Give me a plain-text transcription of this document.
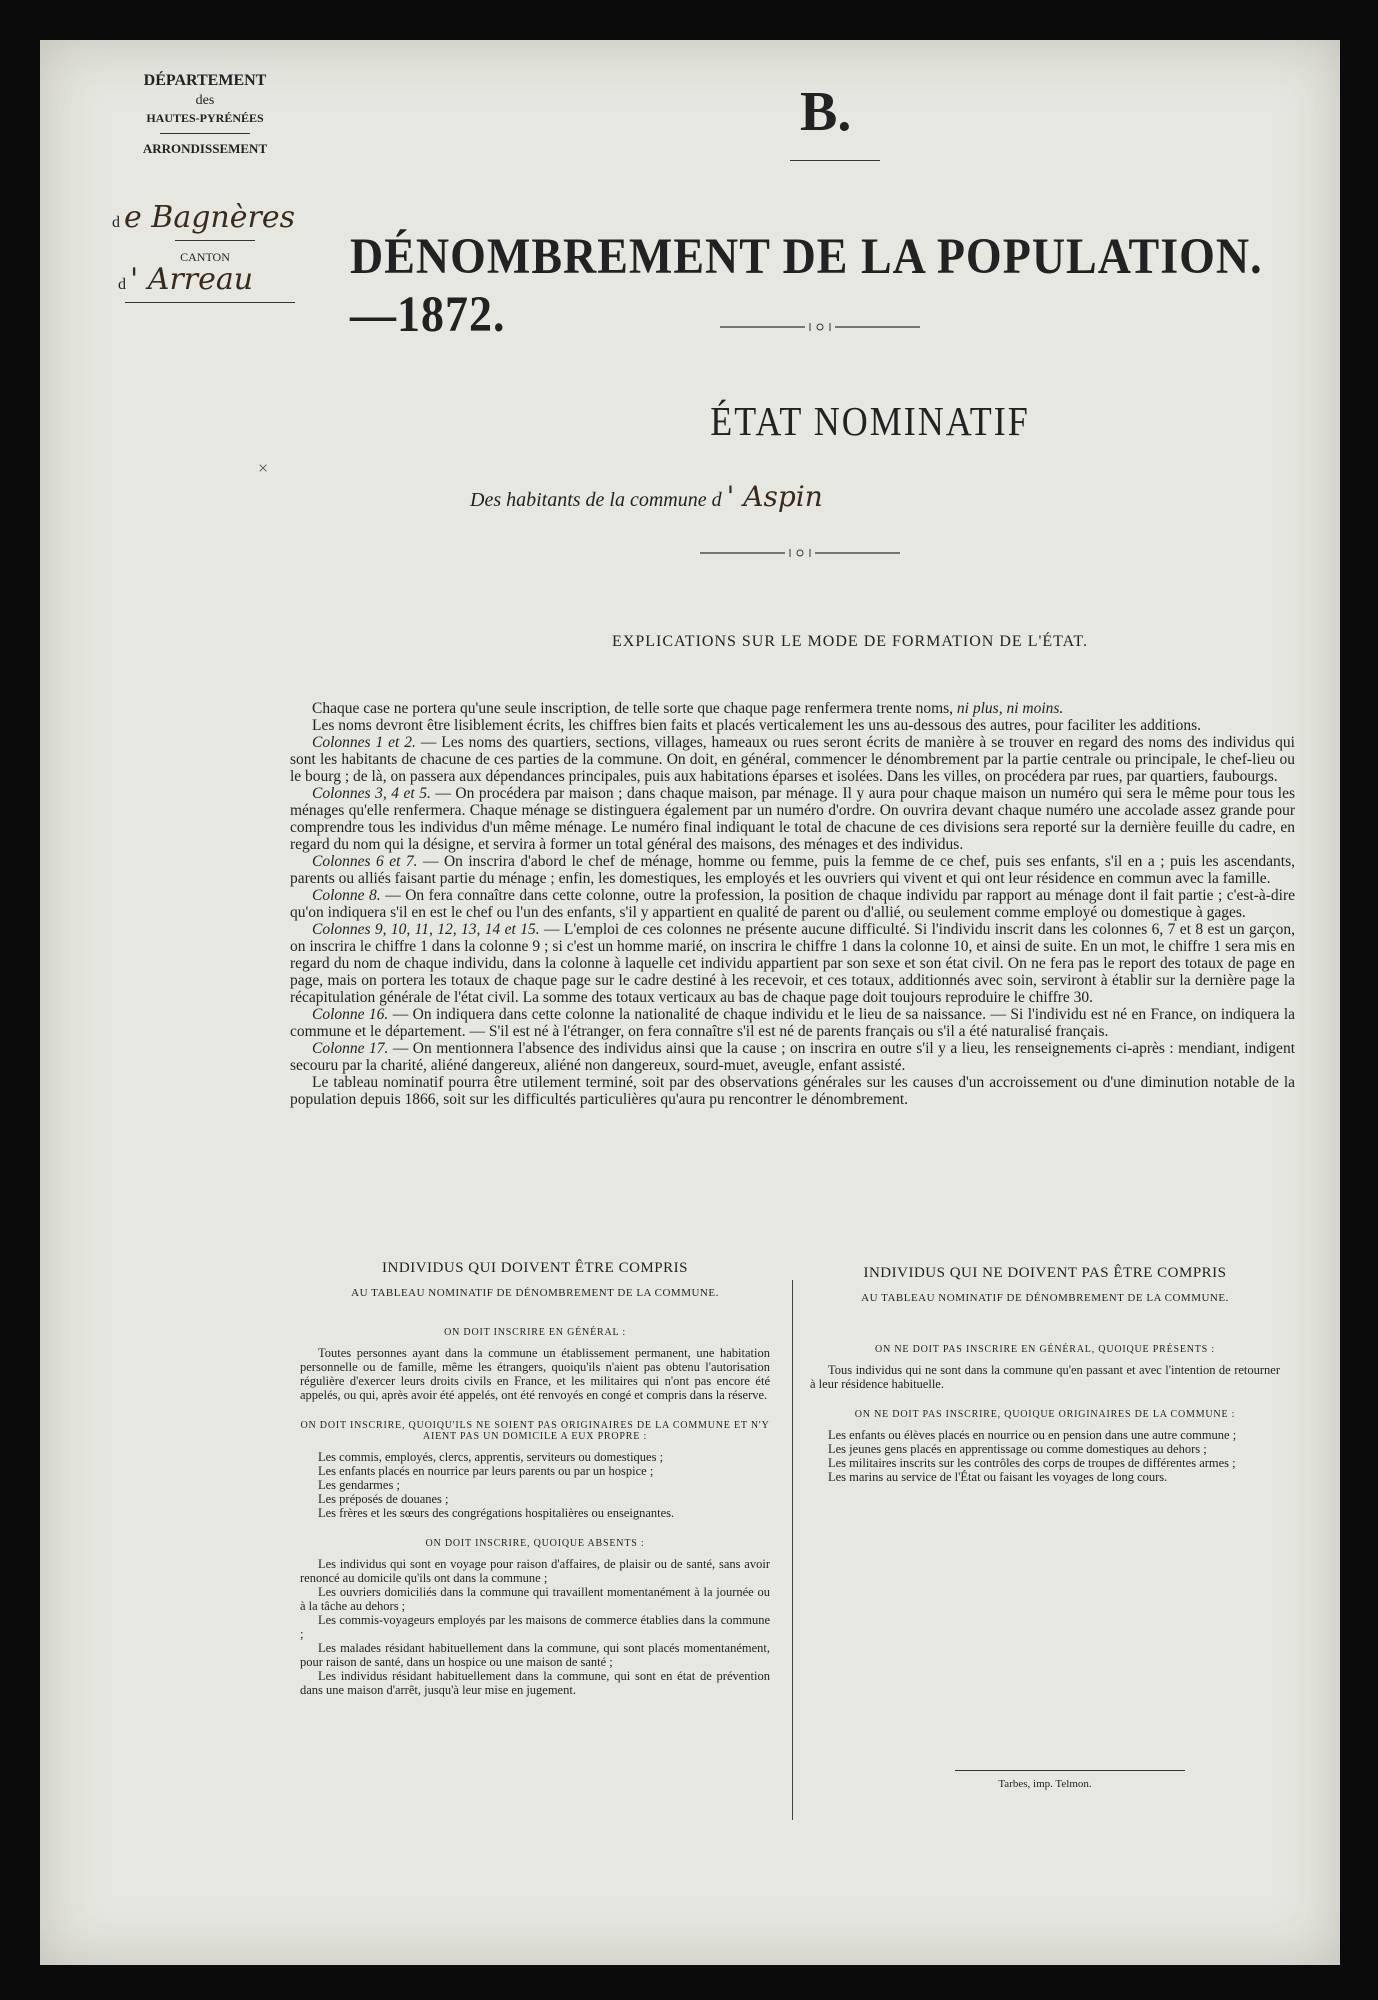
DÉPARTEMENT
des
HAUTES-PYRÉNÉES
ARRONDISSEMENT
d e Bagnères
CANTON
d ' Arreau
B.
DÉNOMBREMENT DE LA POPULATION.—1872.
ÉTAT NOMINATIF
×
Des habitants de la commune d ' Aspin
EXPLICATIONS SUR LE MODE DE FORMATION DE L'ÉTAT.

Chaque case ne portera qu'une seule inscription, de telle sorte que chaque page renfermera trente noms, ni plus, ni moins.

Les noms devront être lisiblement écrits, les chiffres bien faits et placés verticalement les uns au-dessous des autres, pour faciliter les additions.

Colonnes 1 et 2. — Les noms des quartiers, sections, villages, hameaux ou rues seront écrits de manière à se trouver en regard des noms des individus qui sont les habitants de chacune de ces parties de la commune. On doit, en général, commencer le dénombrement par la partie centrale ou principale, le chef-lieu ou le bourg ; de là, on passera aux dépendances principales, puis aux habitations éparses et isolées. Dans les villes, on procédera par rues, par quartiers, faubourgs.

Colonnes 3, 4 et 5. — On procédera par maison ; dans chaque maison, par ménage. Il y aura pour chaque maison un numéro qui sera le même pour tous les ménages qu'elle renfermera. Chaque ménage se distinguera également par un numéro d'ordre. On ouvrira devant chaque numéro une accolade assez grande pour comprendre tous les individus d'un même ménage. Le numéro final indiquant le total de chacune de ces divisions sera reporté sur la dernière feuille du cadre, en regard du nom qui la désigne, et servira à former un total général des maisons, des ménages et des individus.

Colonnes 6 et 7. — On inscrira d'abord le chef de ménage, homme ou femme, puis la femme de ce chef, puis ses enfants, s'il en a ; puis les ascendants, parents ou alliés faisant partie du ménage ; enfin, les domestiques, les employés et les ouvriers qui vivent et qui ont leur résidence en commun avec la famille.

Colonne 8. — On fera connaître dans cette colonne, outre la profession, la position de chaque individu par rapport au ménage dont il fait partie ; c'est-à-dire qu'on indiquera s'il en est le chef ou l'un des enfants, s'il y appartient en qualité de parent ou d'allié, ou seulement comme employé ou domestique à gages.

Colonnes 9, 10, 11, 12, 13, 14 et 15. — L'emploi de ces colonnes ne présente aucune difficulté. Si l'individu inscrit dans les colonnes 6, 7 et 8 est un garçon, on inscrira le chiffre 1 dans la colonne 9 ; si c'est un homme marié, on inscrira le chiffre 1 dans la colonne 10, et ainsi de suite. En un mot, le chiffre 1 sera mis en regard du nom de chaque individu, dans la colonne à laquelle cet individu appartient par son sexe et son état civil. On ne fera pas le report des totaux de page en page, mais on portera les totaux de chaque page sur le cadre destiné à les recevoir, et ces totaux, additionnés avec soin, serviront à établir sur la dernière page la récapitulation générale de l'état civil. La somme des totaux verticaux au bas de chaque page doit toujours reproduire le chiffre 30.

Colonne 16. — On indiquera dans cette colonne la nationalité de chaque individu et le lieu de sa naissance. — Si l'individu est né en France, on indiquera la commune et le département. — S'il est né à l'étranger, on fera connaître s'il est né de parents français ou s'il a été naturalisé français.

Colonne 17. — On mentionnera l'absence des individus ainsi que la cause ; on inscrira en outre s'il y a lieu, les renseignements ci-après : mendiant, indigent secouru par la charité, aliéné dangereux, aliéné non dangereux, sourd-muet, aveugle, enfant assisté.

Le tableau nominatif pourra être utilement terminé, soit par des observations générales sur les causes d'un accroissement ou d'une diminution notable de la population depuis 1866, soit sur les difficultés particulières qu'aura pu rencontrer le dénombrement.

INDIVIDUS QUI DOIVENT ÊTRE COMPRIS
AU TABLEAU NOMINATIF DE DÉNOMBREMENT DE LA COMMUNE.
ON DOIT INSCRIRE EN GÉNÉRAL :

Toutes personnes ayant dans la commune un établissement permanent, une habitation personnelle ou de famille, même les étrangers, quoiqu'ils n'aient pas obtenu l'autorisation régulière d'exercer leurs droits civils en France, et les militaires qui n'ont pas encore été appelés, ou qui, après avoir été appelés, ont été renvoyés en congé et compris dans la réserve.

ON DOIT INSCRIRE, QUOIQU'ILS NE SOIENT PAS ORIGINAIRES DE LA COMMUNE ET N'Y AIENT PAS UN DOMICILE A EUX PROPRE :

Les commis, employés, clercs, apprentis, serviteurs ou domestiques ;

Les enfants placés en nourrice par leurs parents ou par un hospice ;

Les gendarmes ;

Les préposés de douanes ;

Les frères et les sœurs des congrégations hospitalières ou enseignantes.

ON DOIT INSCRIRE, QUOIQUE ABSENTS :

Les individus qui sont en voyage pour raison d'affaires, de plaisir ou de santé, sans avoir renoncé au domicile qu'ils ont dans la commune ;

Les ouvriers domiciliés dans la commune qui travaillent momentanément à la journée ou à la tâche au dehors ;

Les commis-voyageurs employés par les maisons de commerce établies dans la commune ;

Les malades résidant habituellement dans la commune, qui sont placés momentanément, pour raison de santé, dans un hospice ou une maison de santé ;

Les individus résidant habituellement dans la commune, qui sont en état de prévention dans une maison d'arrêt, jusqu'à leur mise en jugement.

INDIVIDUS QUI NE DOIVENT PAS ÊTRE COMPRIS
AU TABLEAU NOMINATIF DE DÉNOMBREMENT DE LA COMMUNE.
ON NE DOIT PAS INSCRIRE EN GÉNÉRAL, QUOIQUE PRÉSENTS :

Tous individus qui ne sont dans la commune qu'en passant et avec l'intention de retourner à leur résidence habituelle.

ON NE DOIT PAS INSCRIRE, QUOIQUE ORIGINAIRES DE LA COMMUNE :

Les enfants ou élèves placés en nourrice ou en pension dans une autre commune ;

Les jeunes gens placés en apprentissage ou comme domestiques au dehors ;

Les militaires inscrits sur les contrôles des corps de troupes de différentes armes ;

Les marins au service de l'État ou faisant les voyages de long cours.

Tarbes, imp. Telmon.
